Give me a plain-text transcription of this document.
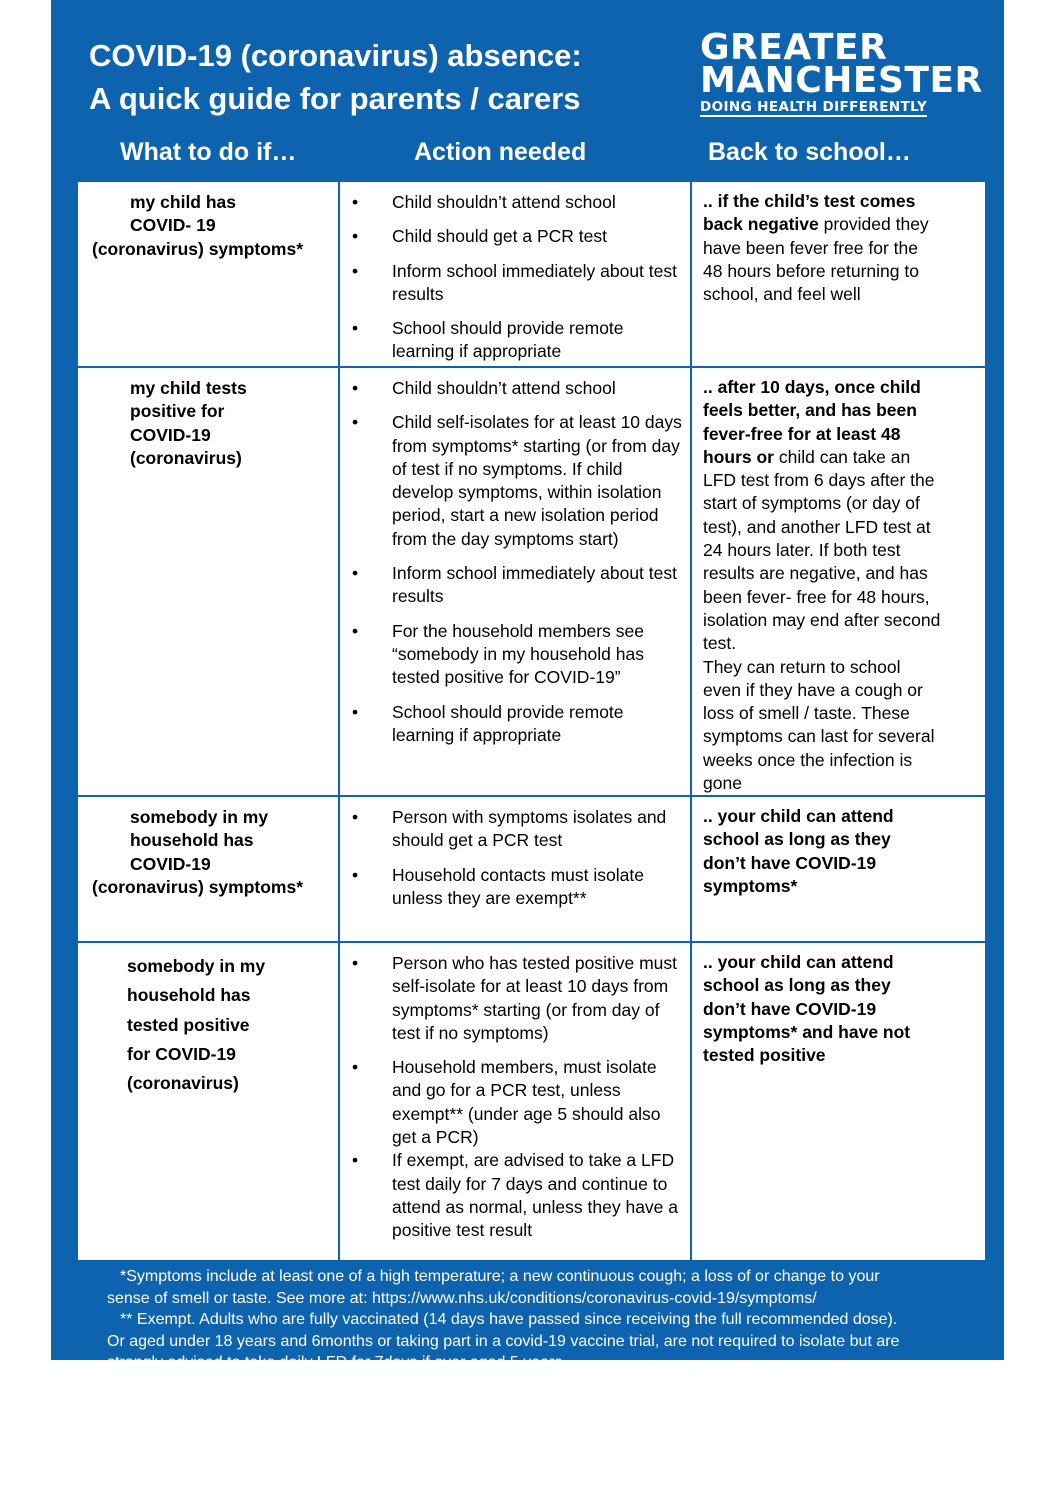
COVID-19 (coronavirus) absence:
A quick guide for parents / carers
GREATER
MANCHESTER
DOING HEALTH DIFFERENTLY
What to do if…	Action needed	Back to school…
my child has
COVID- 19
(coronavirus) symptoms*
• Child shouldn’t attend school
• Child should get a PCR test
• Inform school immediately about test results
• School should provide remote learning if appropriate
.. if the child’s test comes
back negative provided they
have been fever free for the
48 hours before returning to
school, and feel well
my child tests
positive for
COVID-19
(coronavirus)
• Child shouldn’t attend school
• Child self-isolates for at least 10 days from symptoms* starting (or from day of test if no symptoms. If child develop symptoms, within isolation period, start a new isolation period from the day symptoms start)
• Inform school immediately about test results
• For the household members see “somebody in my household has tested positive for COVID-19”
• School should provide remote learning if appropriate
.. after 10 days, once child
feels better, and has been
fever-free for at least 48
hours or child can take an
LFD test from 6 days after the
start of symptoms (or day of
test), and another LFD test at
24 hours later. If both test
results are negative, and has
been fever- free for 48 hours,
isolation may end after second
test.
They can return to school
even if they have a cough or
loss of smell / taste. These
symptoms can last for several
weeks once the infection is
gone
somebody in my
household has
COVID-19
(coronavirus) symptoms*
• Person with symptoms isolates and should get a PCR test
• Household contacts must isolate unless they are exempt**
.. your child can attend
school as long as they
don’t have COVID-19
symptoms*
somebody in my
household has
tested positive
for COVID-19
(coronavirus)
• Person who has tested positive must self-isolate for at least 10 days from symptoms* starting (or from day of test if no symptoms)
• Household members, must isolate and go for a PCR test, unless exempt** (under age 5 should also get a PCR)
• If exempt, are advised to take a LFD test daily for 7 days and continue to attend as normal, unless they have a positive test result
.. your child can attend
school as long as they
don’t have COVID-19
symptoms* and have not
tested positive
*Symptoms include at least one of a high temperature; a new continuous cough; a loss of or change to your
sense of smell or taste. See more at: https://www.nhs.uk/conditions/coronavirus-covid-19/symptoms/
** Exempt. Adults who are fully vaccinated (14 days have passed since receiving the full recommended dose).
Or aged under 18 years and 6months or taking part in a covid-19 vaccine trial, are not required to isolate but are
strongly advised to take daily LFD for 7days if over aged 5 years.
